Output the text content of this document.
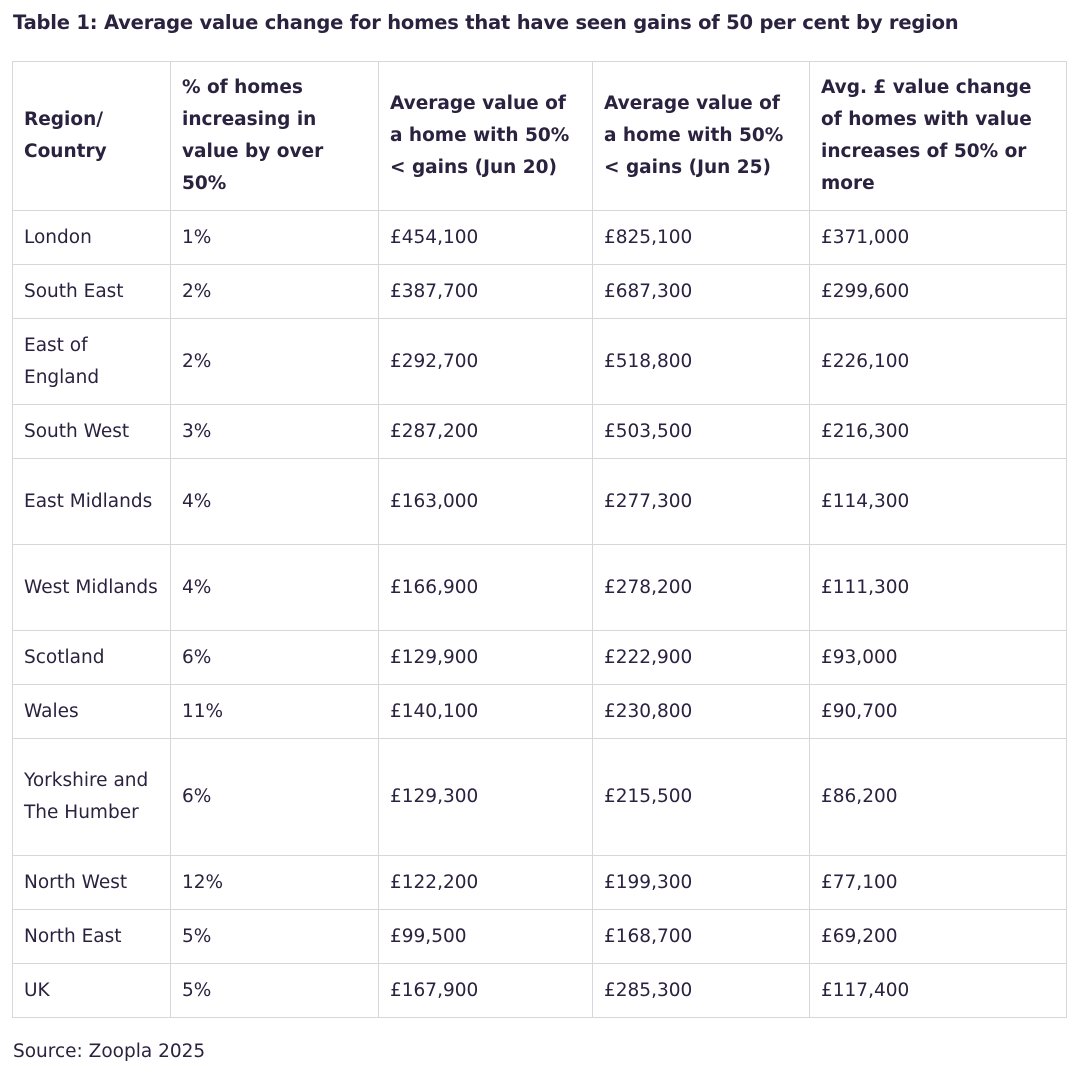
Table 1: Average value change for homes that have seen gains of 50 per cent by region
Region/ Country	% of homes increasing in value by over 50%	Average value of a home with 50%< gains (Jun 20)	Average value of a home with 50%< gains (Jun 25)	Avg. £ value change of homes with value increases of 50% or more
London	1%	£454,100	£825,100	£371,000
South East	2%	£387,700	£687,300	£299,600
East of England	2%	£292,700	£518,800	£226,100
South West	3%	£287,200	£503,500	£216,300
East Midlands	4%	£163,000	£277,300	£114,300
West Midlands	4%	£166,900	£278,200	£111,300
Scotland	6%	£129,900	£222,900	£93,000
Wales	11%	£140,100	£230,800	£90,700
Yorkshire and The Humber	6%	£129,300	£215,500	£86,200
North West	12%	£122,200	£199,300	£77,100
North East	5%	£99,500	£168,700	£69,200
UK	5%	£167,900	£285,300	£117,400
Source: Zoopla 2025
